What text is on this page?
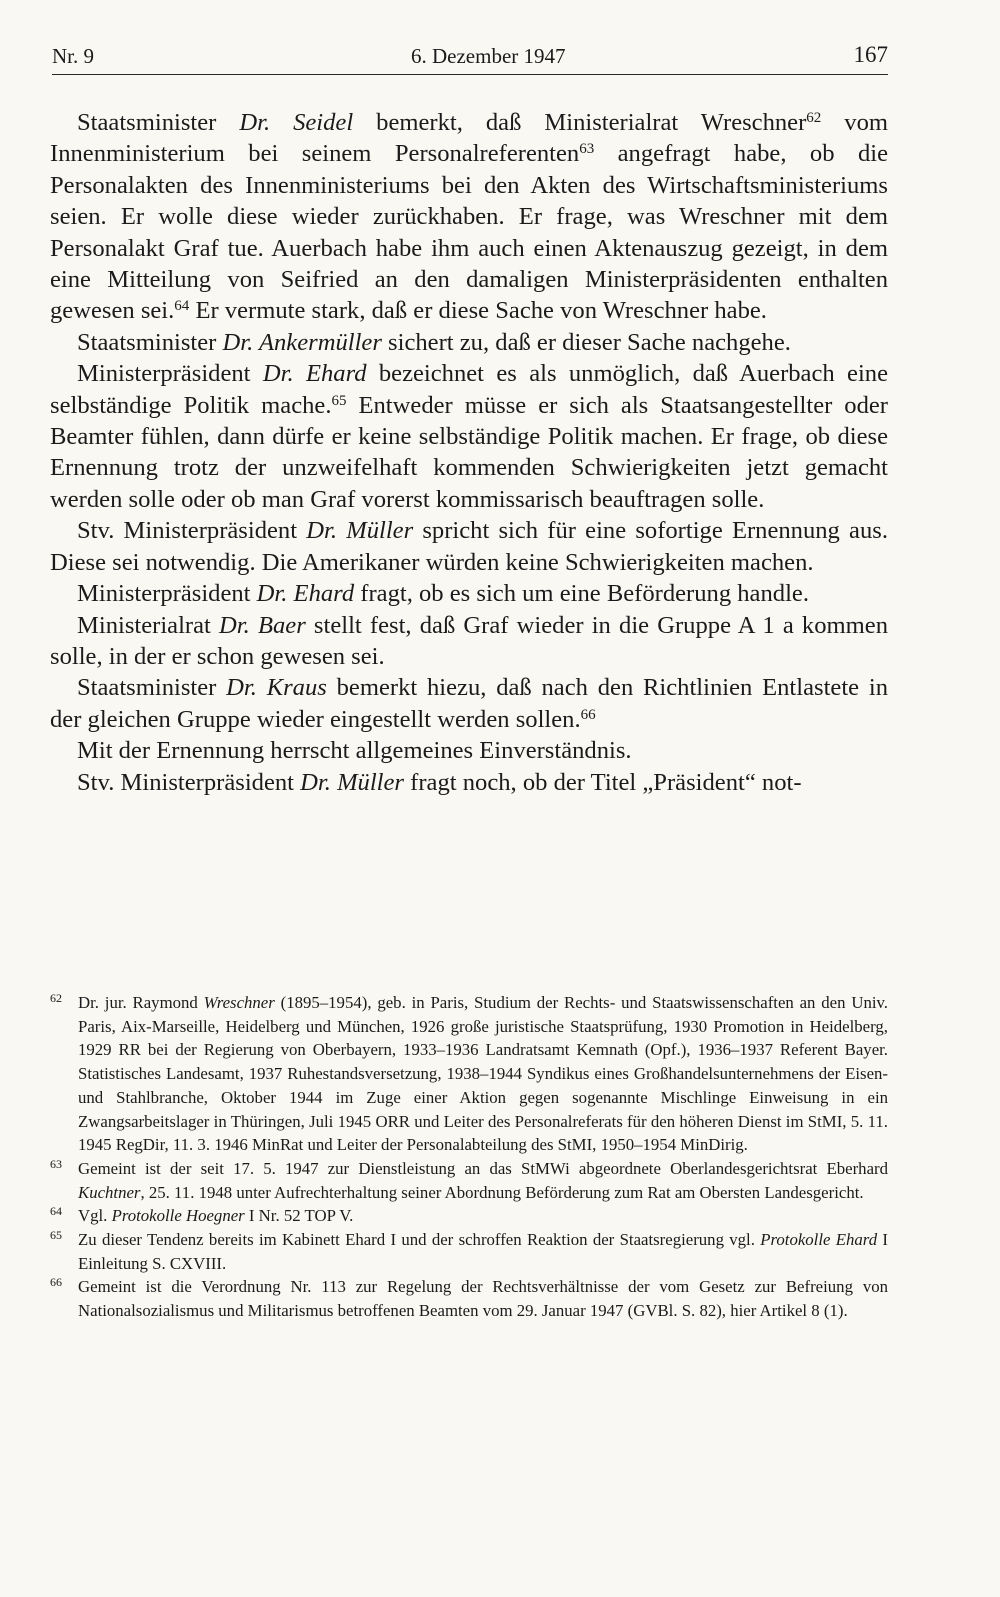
Nr. 9	6. Dezember 1947	167

Staatsminister Dr. Seidel bemerkt, daß Ministerialrat Wreschner$^{62}$ vom Innenministerium bei seinem Personalreferenten$^{63}$ angefragt habe, ob die Personalakten des Innenministeriums bei den Akten des Wirtschaftsministeriums seien. Er wolle diese wieder zurückhaben. Er frage, was Wreschner mit dem Personalakt Graf tue. Auerbach habe ihm auch einen Aktenauszug gezeigt, in dem eine Mitteilung von Seifried an den damaligen Ministerpräsidenten enthalten gewesen sei.$^{64}$ Er vermute stark, daß er diese Sache von Wreschner habe.

Staatsminister Dr. Ankermüller sichert zu, daß er dieser Sache nachgehe.

Ministerpräsident Dr. Ehard bezeichnet es als unmöglich, daß Auerbach eine selbständige Politik mache.$^{65}$ Entweder müsse er sich als Staatsangestellter oder Beamter fühlen, dann dürfe er keine selbständige Politik machen. Er frage, ob diese Ernennung trotz der unzweifelhaft kommenden Schwierigkeiten jetzt gemacht werden solle oder ob man Graf vorerst kommissarisch beauftragen solle.

Stv. Ministerpräsident Dr. Müller spricht sich für eine sofortige Ernennung aus. Diese sei notwendig. Die Amerikaner würden keine Schwierigkeiten machen.

Ministerpräsident Dr. Ehard fragt, ob es sich um eine Beförderung handle.

Ministerialrat Dr. Baer stellt fest, daß Graf wieder in die Gruppe A 1 a kommen solle, in der er schon gewesen sei.

Staatsminister Dr. Kraus bemerkt hiezu, daß nach den Richtlinien Entlastete in der gleichen Gruppe wieder eingestellt werden sollen.$^{66}$

Mit der Ernennung herrscht allgemeines Einverständnis.

Stv. Ministerpräsident Dr. Müller fragt noch, ob der Titel „Präsident“ not-

62 Dr. jur. Raymond Wreschner (1895–1954), geb. in Paris, Studium der Rechts- und Staatswissenschaften an den Univ. Paris, Aix-Marseille, Heidelberg und München, 1926 große juristische Staatsprüfung, 1930 Promotion in Heidelberg, 1929 RR bei der Regierung von Oberbayern, 1933–1936 Landratsamt Kemnath (Opf.), 1936–1937 Referent Bayer. Statistisches Landesamt, 1937 Ruhestandsversetzung, 1938–1944 Syndikus eines Großhandelsunternehmens der Eisen- und Stahlbranche, Oktober 1944 im Zuge einer Aktion gegen sogenannte Mischlinge Einweisung in ein Zwangsarbeitslager in Thüringen, Juli 1945 ORR und Leiter des Personalreferats für den höheren Dienst im StMI, 5. 11. 1945 RegDir, 11. 3. 1946 MinRat und Leiter der Personalabteilung des StMI, 1950–1954 MinDirig.
63 Gemeint ist der seit 17. 5. 1947 zur Dienstleistung an das StMWi abgeordnete Oberlandesgerichtsrat Eberhard Kuchtner, 25. 11. 1948 unter Aufrechterhaltung seiner Abordnung Beförderung zum Rat am Obersten Landesgericht.
64 Vgl. Protokolle Hoegner I Nr. 52 TOP V.
65 Zu dieser Tendenz bereits im Kabinett Ehard I und der schroffen Reaktion der Staatsregierung vgl. Protokolle Ehard I Einleitung S. CXVIII.
66 Gemeint ist die Verordnung Nr. 113 zur Regelung der Rechtsverhältnisse der vom Gesetz zur Befreiung von Nationalsozialismus und Militarismus betroffenen Beamten vom 29. Januar 1947 (GVBl. S. 82), hier Artikel 8 (1).
